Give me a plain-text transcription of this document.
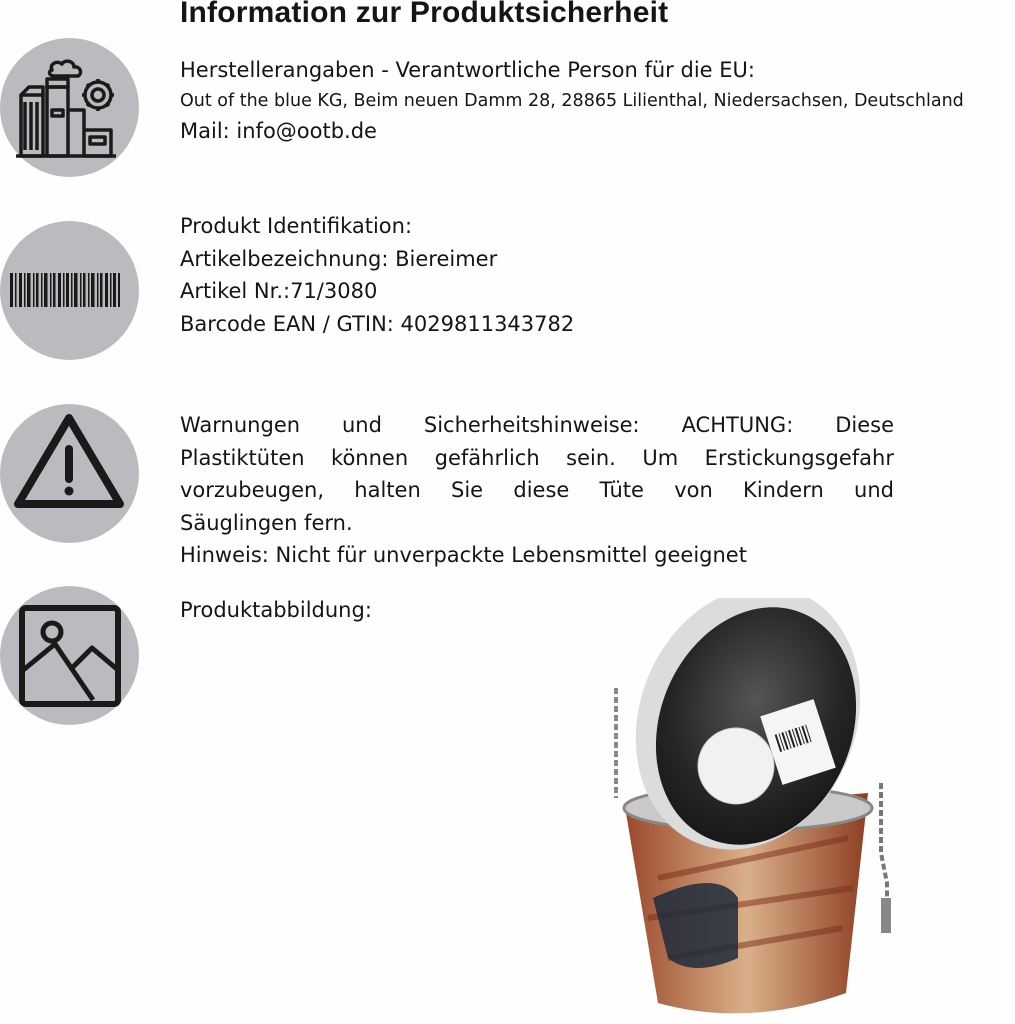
Information zur Produktsicherheit
Herstellerangaben - Verantwortliche Person für die EU:
Out of the blue KG, Beim neuen Damm 28, 28865 Lilienthal, Niedersachsen, Deutschland
Mail: info@ootb.de
Produkt Identifikation:
Artikelbezeichnung: Biereimer
Artikel Nr.:71/3080
Barcode EAN / GTIN: 4029811343782
Warnungen und Sicherheitshinweise: ACHTUNG: Diese
Plastiktüten können gefährlich sein. Um Erstickungsgefahr
vorzubeugen, halten Sie diese Tüte von Kindern und
Säuglingen fern.
Hinweis: Nicht für unverpackte Lebensmittel geeignet
Produktabbildung:
